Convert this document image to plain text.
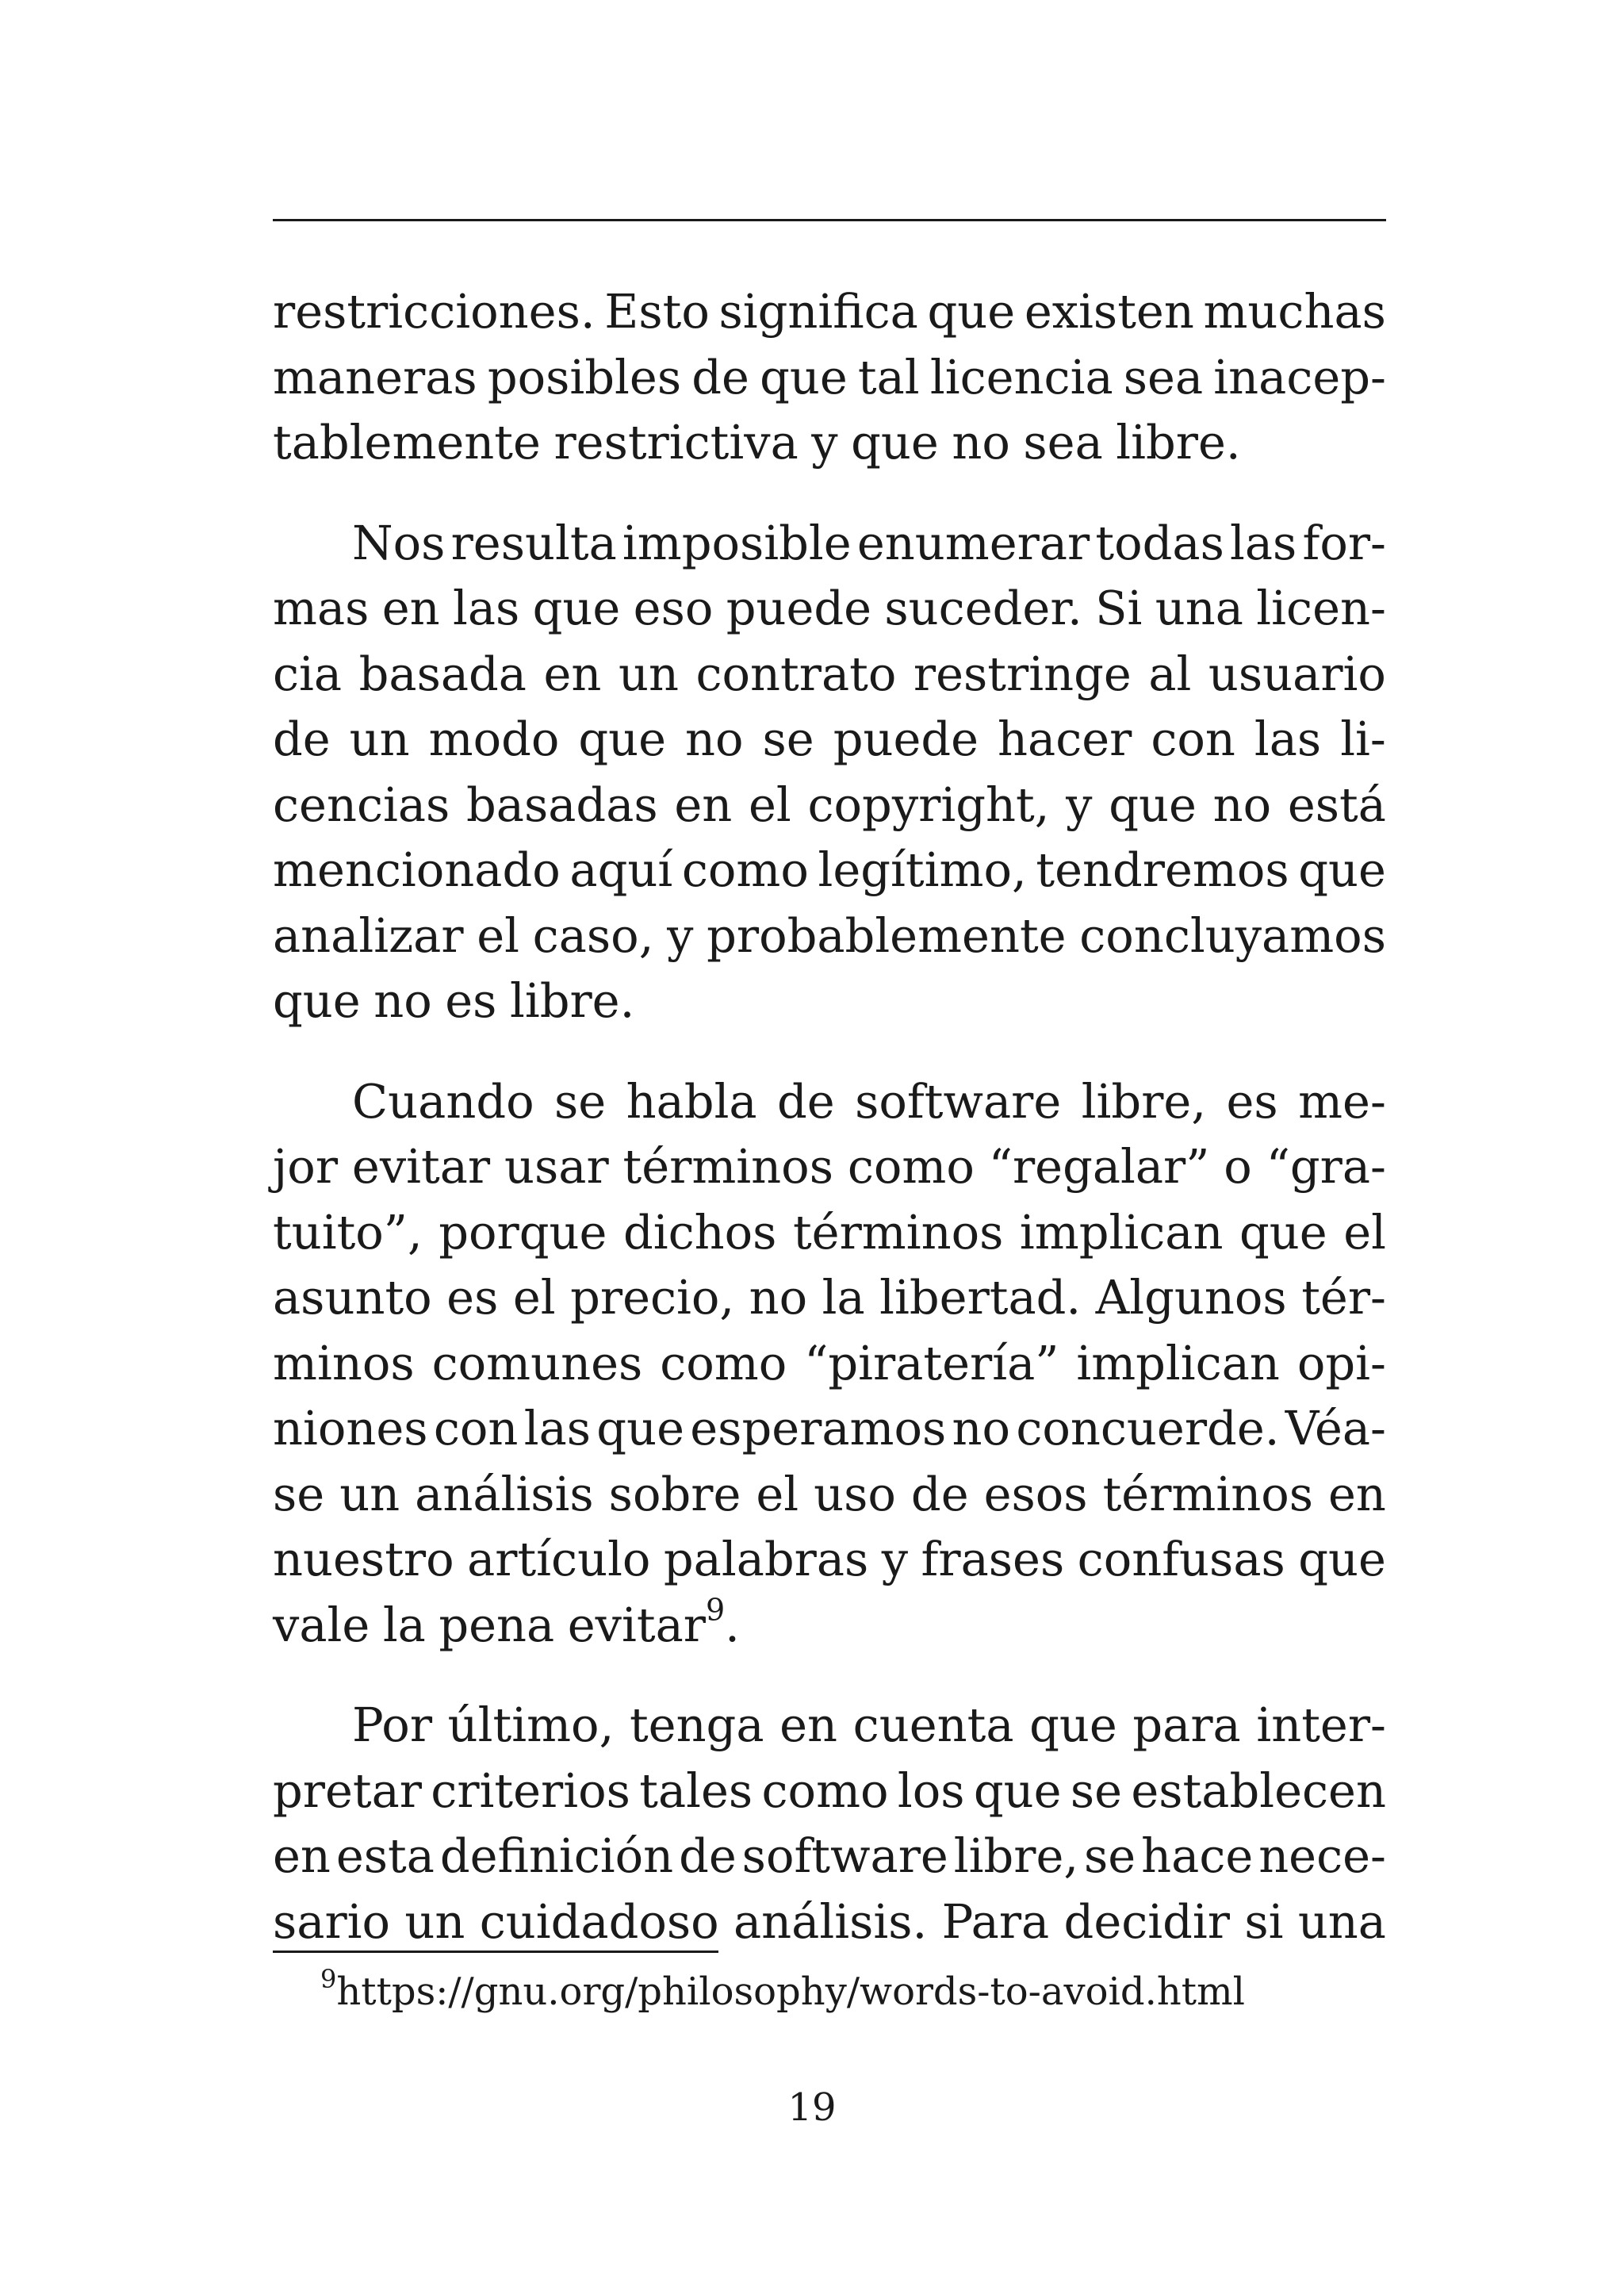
restricciones. Esto significa que existen muchas
maneras posibles de que tal licencia sea inacep-
tablemente restrictiva y que no sea libre.
Nos resulta imposible enumerar todas las for-
mas en las que eso puede suceder. Si una licen-
cia basada en un contrato restringe al usuario
de un modo que no se puede hacer con las li-
cencias basadas en el copyright, y que no está
mencionado aquí como legítimo, tendremos que
analizar el caso, y probablemente concluyamos
que no es libre.
Cuando se habla de software libre, es me-
jor evitar usar términos como “regalar” o “gra-
tuito”, porque dichos términos implican que el
asunto es el precio, no la libertad. Algunos tér-
minos comunes como “piratería” implican opi-
niones con las que esperamos no concuerde. Véa-
se un análisis sobre el uso de esos términos en
nuestro artículo palabras y frases confusas que
vale la pena evitar$^9$.
Por último, tenga en cuenta que para inter-
pretar criterios tales como los que se establecen
en esta definición de software libre, se hace nece-
sario un cuidadoso análisis. Para decidir si una
$^9$https://gnu.org/philosophy/words-to-avoid.html
19
